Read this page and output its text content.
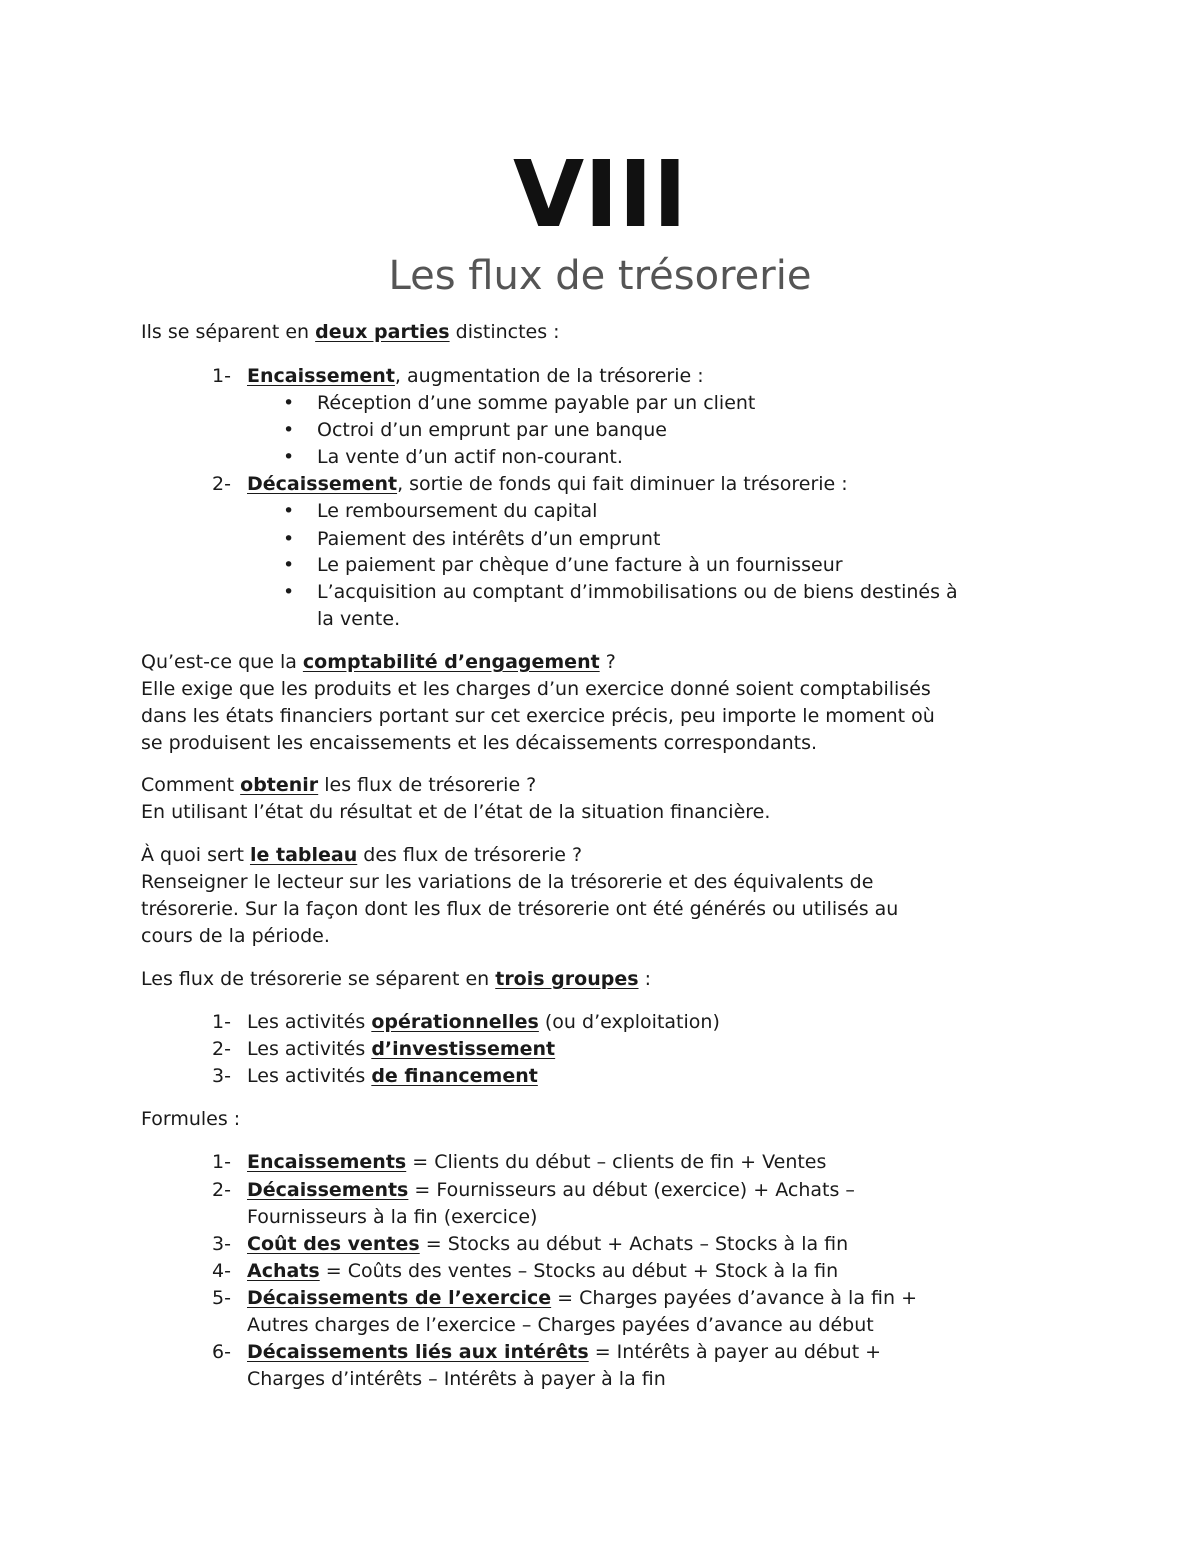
VIII
Les flux de trésorerie
Ils se séparent en deux parties distinctes :
1- Encaissement, augmentation de la trésorerie :
• Réception d’une somme payable par un client
• Octroi d’un emprunt par une banque
• La vente d’un actif non-courant.
2- Décaissement, sortie de fonds qui fait diminuer la trésorerie :
• Le remboursement du capital
• Paiement des intérêts d’un emprunt
• Le paiement par chèque d’une facture à un fournisseur
• L’acquisition au comptant d’immobilisations ou de biens destinés à
la vente.
Qu’est-ce que la comptabilité d’engagement ?
Elle exige que les produits et les charges d’un exercice donné soient comptabilisés
dans les états financiers portant sur cet exercice précis, peu importe le moment où
se produisent les encaissements et les décaissements correspondants.
Comment obtenir les flux de trésorerie ?
En utilisant l’état du résultat et de l’état de la situation financière.
À quoi sert le tableau des flux de trésorerie ?
Renseigner le lecteur sur les variations de la trésorerie et des équivalents de
trésorerie. Sur la façon dont les flux de trésorerie ont été générés ou utilisés au
cours de la période.
Les flux de trésorerie se séparent en trois groupes :
1- Les activités opérationnelles (ou d’exploitation)
2- Les activités d’investissement
3- Les activités de financement
Formules :
1- Encaissements = Clients du début – clients de fin + Ventes
2- Décaissements = Fournisseurs au début (exercice) + Achats –
Fournisseurs à la fin (exercice)
3- Coût des ventes = Stocks au début + Achats – Stocks à la fin
4- Achats = Coûts des ventes – Stocks au début + Stock à la fin
5- Décaissements de l’exercice = Charges payées d’avance à la fin +
Autres charges de l’exercice – Charges payées d’avance au début
6- Décaissements liés aux intérêts = Intérêts à payer au début +
Charges d’intérêts – Intérêts à payer à la fin
